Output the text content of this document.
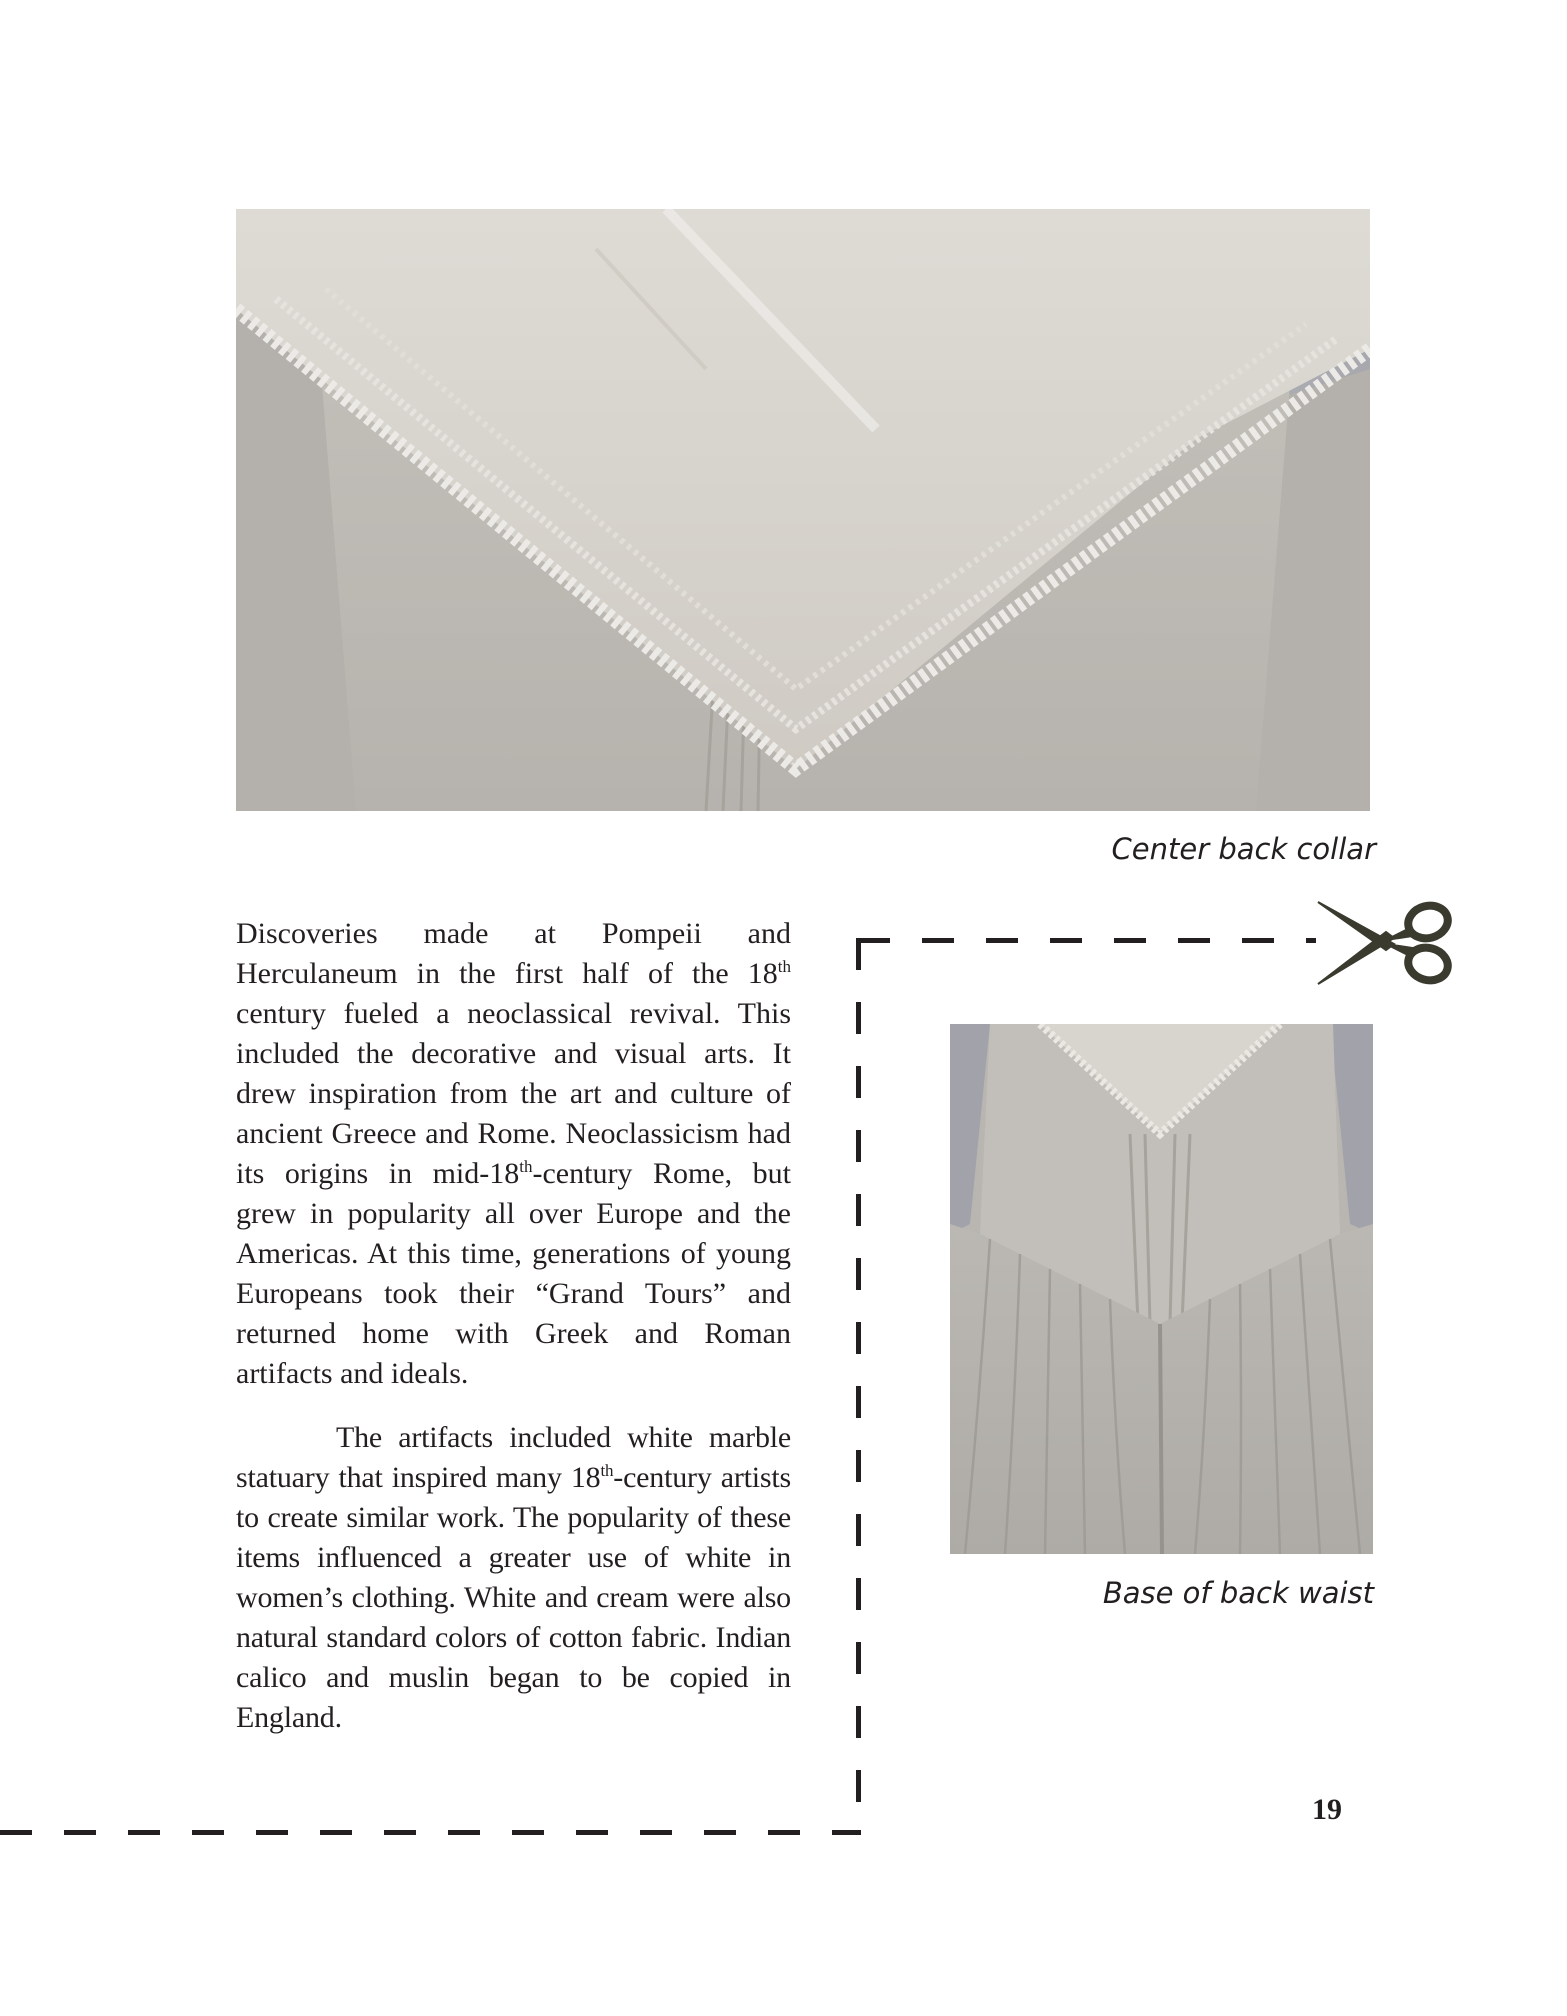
Center back collar

Discoveries made at Pompeii and Herculaneum in the first half of the 18th century fueled a neoclassical revival. This included the decorative and visual arts. It drew inspiration from the art and culture of ancient Greece and Rome. Neoclassicism had its origins in mid-18th-century Rome, but grew in popularity all over Europe and the Americas. At this time, generations of young Europeans took their “Grand Tours” and returned home with Greek and Roman artifacts and ideals.

The artifacts included white marble statuary that inspired many 18th-century artists to create similar work. The popularity of these items influenced a greater use of white in women’s clothing. White and cream were also natural standard colors of cotton fabric. Indian calico and muslin began to be copied in England.

Base of back waist
19
